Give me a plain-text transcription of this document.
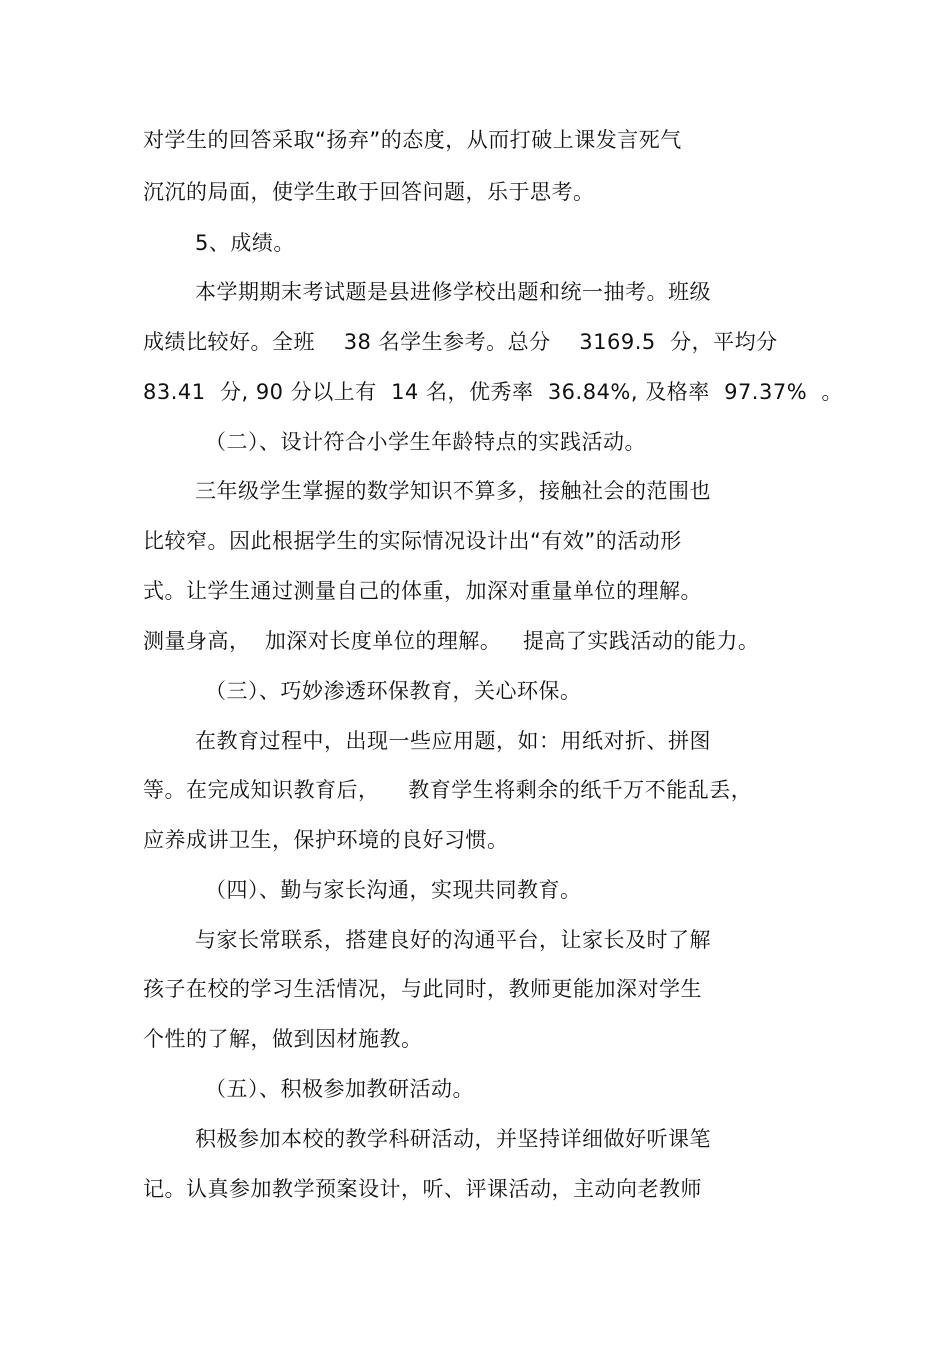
对学生的回答采取“扬弃”的态度，从而打破上课发言死气
沉沉的局面，使学生敢于回答问题，乐于思考。
5、成绩。
本学期期末考试题是县进修学校出题和统一抽考。班级
成绩比较好。全班    38 名学生参考。总分    3169.5  分，平均分
83.41  分, 90 分以上有  14 名，优秀率  36.84%, 及格率  97.37%  。
（二）、设计符合小学生年龄特点的实践活动。
三年级学生掌握的数学知识不算多，接触社会的范围也
比较窄。因此根据学生的实际情况设计出“有效”的活动形
式。让学生通过测量自己的体重，加深对重量单位的理解。
测量身高，  加深对长度单位的理解。   提高了实践活动的能力。
（三）、巧妙渗透环保教育，关心环保。
在教育过程中，出现一些应用题，如：用纸对折、拼图
等。在完成知识教育后，    教育学生将剩余的纸千万不能乱丢，
应养成讲卫生，保护环境的良好习惯。
（四）、勤与家长沟通，实现共同教育。
与家长常联系，搭建良好的沟通平台，让家长及时了解
孩子在校的学习生活情况，与此同时，教师更能加深对学生
个性的了解，做到因材施教。
（五）、积极参加教研活动。
积极参加本校的教学科研活动，并坚持详细做好听课笔
记。认真参加教学预案设计，听、评课活动，主动向老教师
